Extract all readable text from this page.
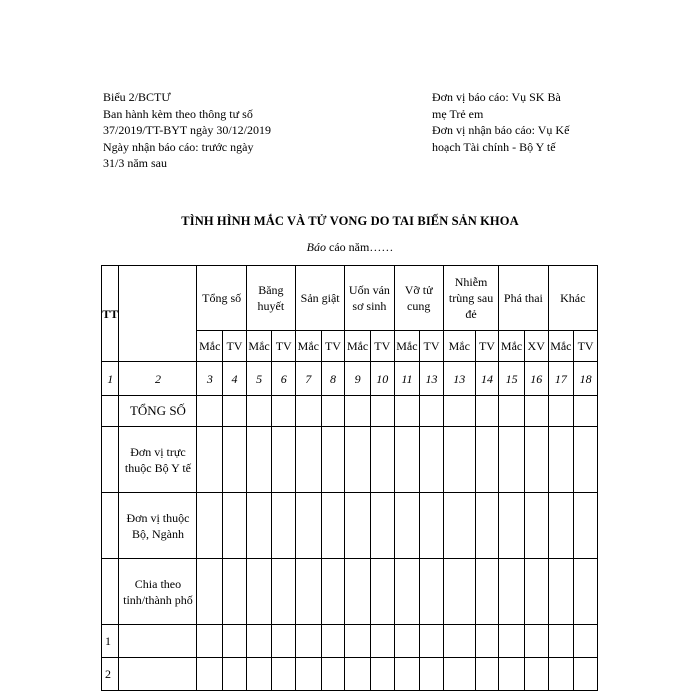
Biểu 2/BCTƯ
Ban hành kèm theo thông tư số
37/2019/TT-BYT ngày 30/12/2019
Ngày nhận báo cáo: trước ngày
31/3 năm sau
Đơn vị báo cáo: Vụ SK Bà
mẹ Trẻ em
Đơn vị nhận báo cáo: Vụ Kế
hoạch Tài chính - Bộ Y tế
TÌNH HÌNH MẮC VÀ TỬ VONG DO TAI BIẾN SẢN KHOA
Báo cáo năm……
TT		Tổng số		Băng huyết		Sản giật		Uốn ván sơ sinh		Vỡ tử cung		Nhiễm trùng sau đẻ		Phá thai		Khác	
		Mắc	TV	Mắc	TV	Mắc	TV	Mắc	TV	Mắc	TV	Mắc	TV	Mắc	XV	Mắc	TV
1	2	3	4	5	6	7	8	9	10	11	13	13	14	15	16	17	18
	TỔNG SỐ																
	Đơn vị trực thuộc Bộ Y tế																
	Đơn vị thuộc Bộ, Ngành																
	Chia theo tỉnh/thành phố																
1																	
2																	
